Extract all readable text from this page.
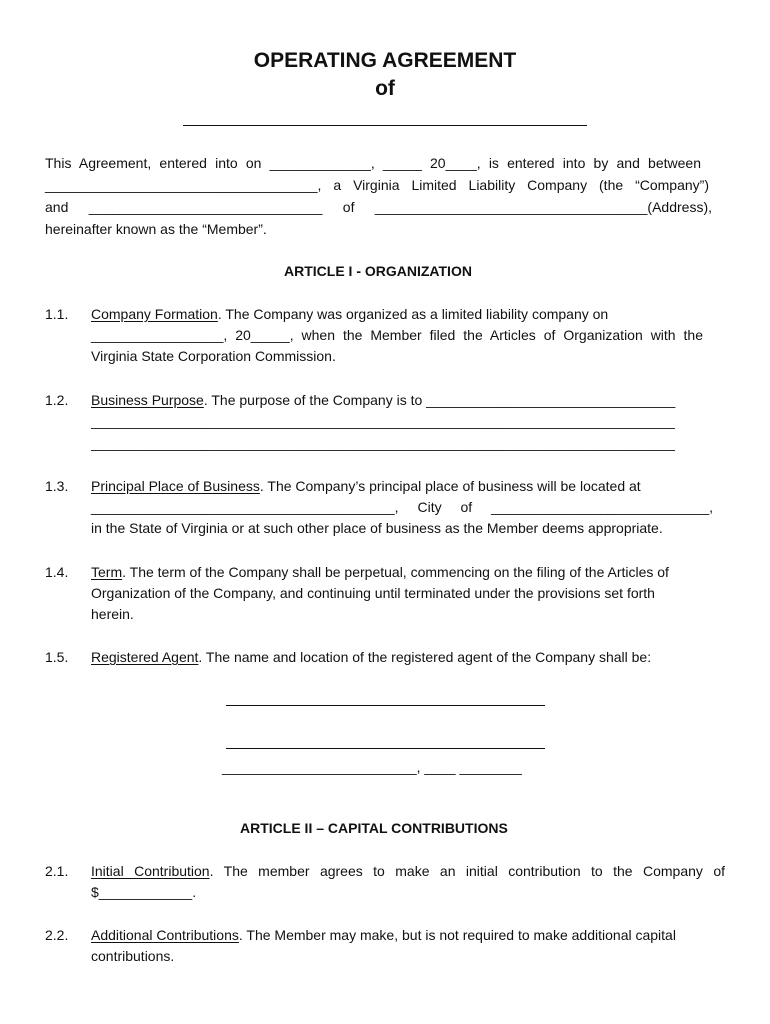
OPERATING AGREEMENT
of
This Agreement, entered into on _____________, _____ 20____, is entered into by and between
___________________________________, a Virginia Limited Liability Company (the “Company”)
and ______________________________ of ___________________________________(Address),
hereinafter known as the “Member”.
ARTICLE I - ORGANIZATION
1.1. Company Formation. The Company was organized as a limited liability company on
_________________, 20_____, when the Member filed the Articles of Organization with the
Virginia State Corporation Commission.
1.2. Business Purpose. The purpose of the Company is to ________________________________
___________________________________________________________________________
___________________________________________________________________________
1.3. Principal Place of Business. The Company’s principal place of business will be located at
_______________________________________, City of ____________________________,
in the State of Virginia or at such other place of business as the Member deems appropriate.
1.4. Term. The term of the Company shall be perpetual, commencing on the filing of the Articles of
Organization of the Company, and continuing until terminated under the provisions set forth
herein.
1.5. Registered Agent. The name and location of the registered agent of the Company shall be:
_________________________, ____ ________
ARTICLE II – CAPITAL CONTRIBUTIONS
2.1. Initial Contribution. The member agrees to make an initial contribution to the Company of
$____________.
2.2. Additional Contributions. The Member may make, but is not required to make additional capital
contributions.
